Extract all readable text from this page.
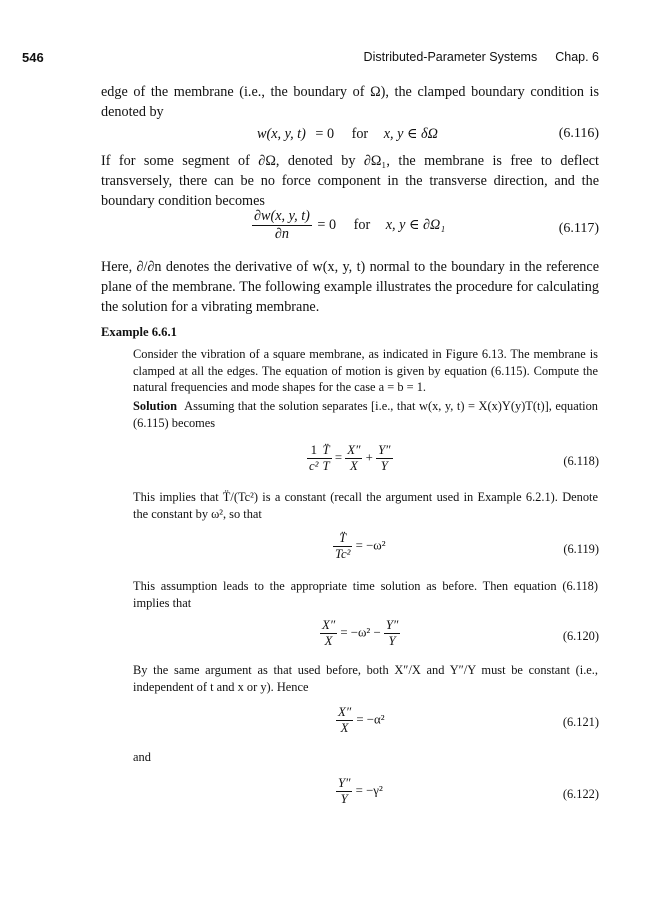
546	Distributed-Parameter Systems Chap. 6
edge of the membrane (i.e., the boundary of Ω), the clamped boundary condition is denoted by
w(x, y, t) = 0 for x, y ∈ δΩ	(6.116)
If for some segment of ∂Ω, denoted by ∂Ω₁, the membrane is free to deflect transversely, there can be no force component in the transverse direction, and the boundary condition becomes
$\frac{\partial w(x, y, t)}{\partial n} = 0$ for x, y ∈ ∂Ω₁	(6.117)
Here, ∂/∂n denotes the derivative of w(x, y, t) normal to the boundary in the reference plane of the membrane. The following example illustrates the procedure for calculating the solution for a vibrating membrane.
Example 6.6.1
Consider the vibration of a square membrane, as indicated in Figure 6.13. The membrane is clamped at all the edges. The equation of motion is given by equation (6.115). Compute the natural frequencies and mode shapes for the case a = b = 1.
Solution Assuming that the solution separates [i.e., that w(x, y, t) = X(x)Y(y)T(t)], equation (6.115) becomes
$\frac{1}{\text{c²}} \frac{T̈}{T} = \frac{X''}{X} + \frac{Y''}{Y}$	(6.118)
This implies that T̈/(Tc²) is a constant (recall the argument used in Example 6.2.1). Denote the constant by ω², so that
$\frac{T̈}{\text{Tc²}} = -\omega^2$	(6.119)
This assumption leads to the appropriate time solution as before. Then equation (6.118) implies that
$\frac{X''}{X} = -\omega^2 - \frac{Y''}{Y}$	(6.120)
By the same argument as that used before, both X″/X and Y″/Y must be constant (i.e., independent of t and x or y). Hence
$\frac{X''}{X} = -\alpha^2$	(6.121)
and
$\frac{Y''}{Y} = -\gamma^2$	(6.122)
